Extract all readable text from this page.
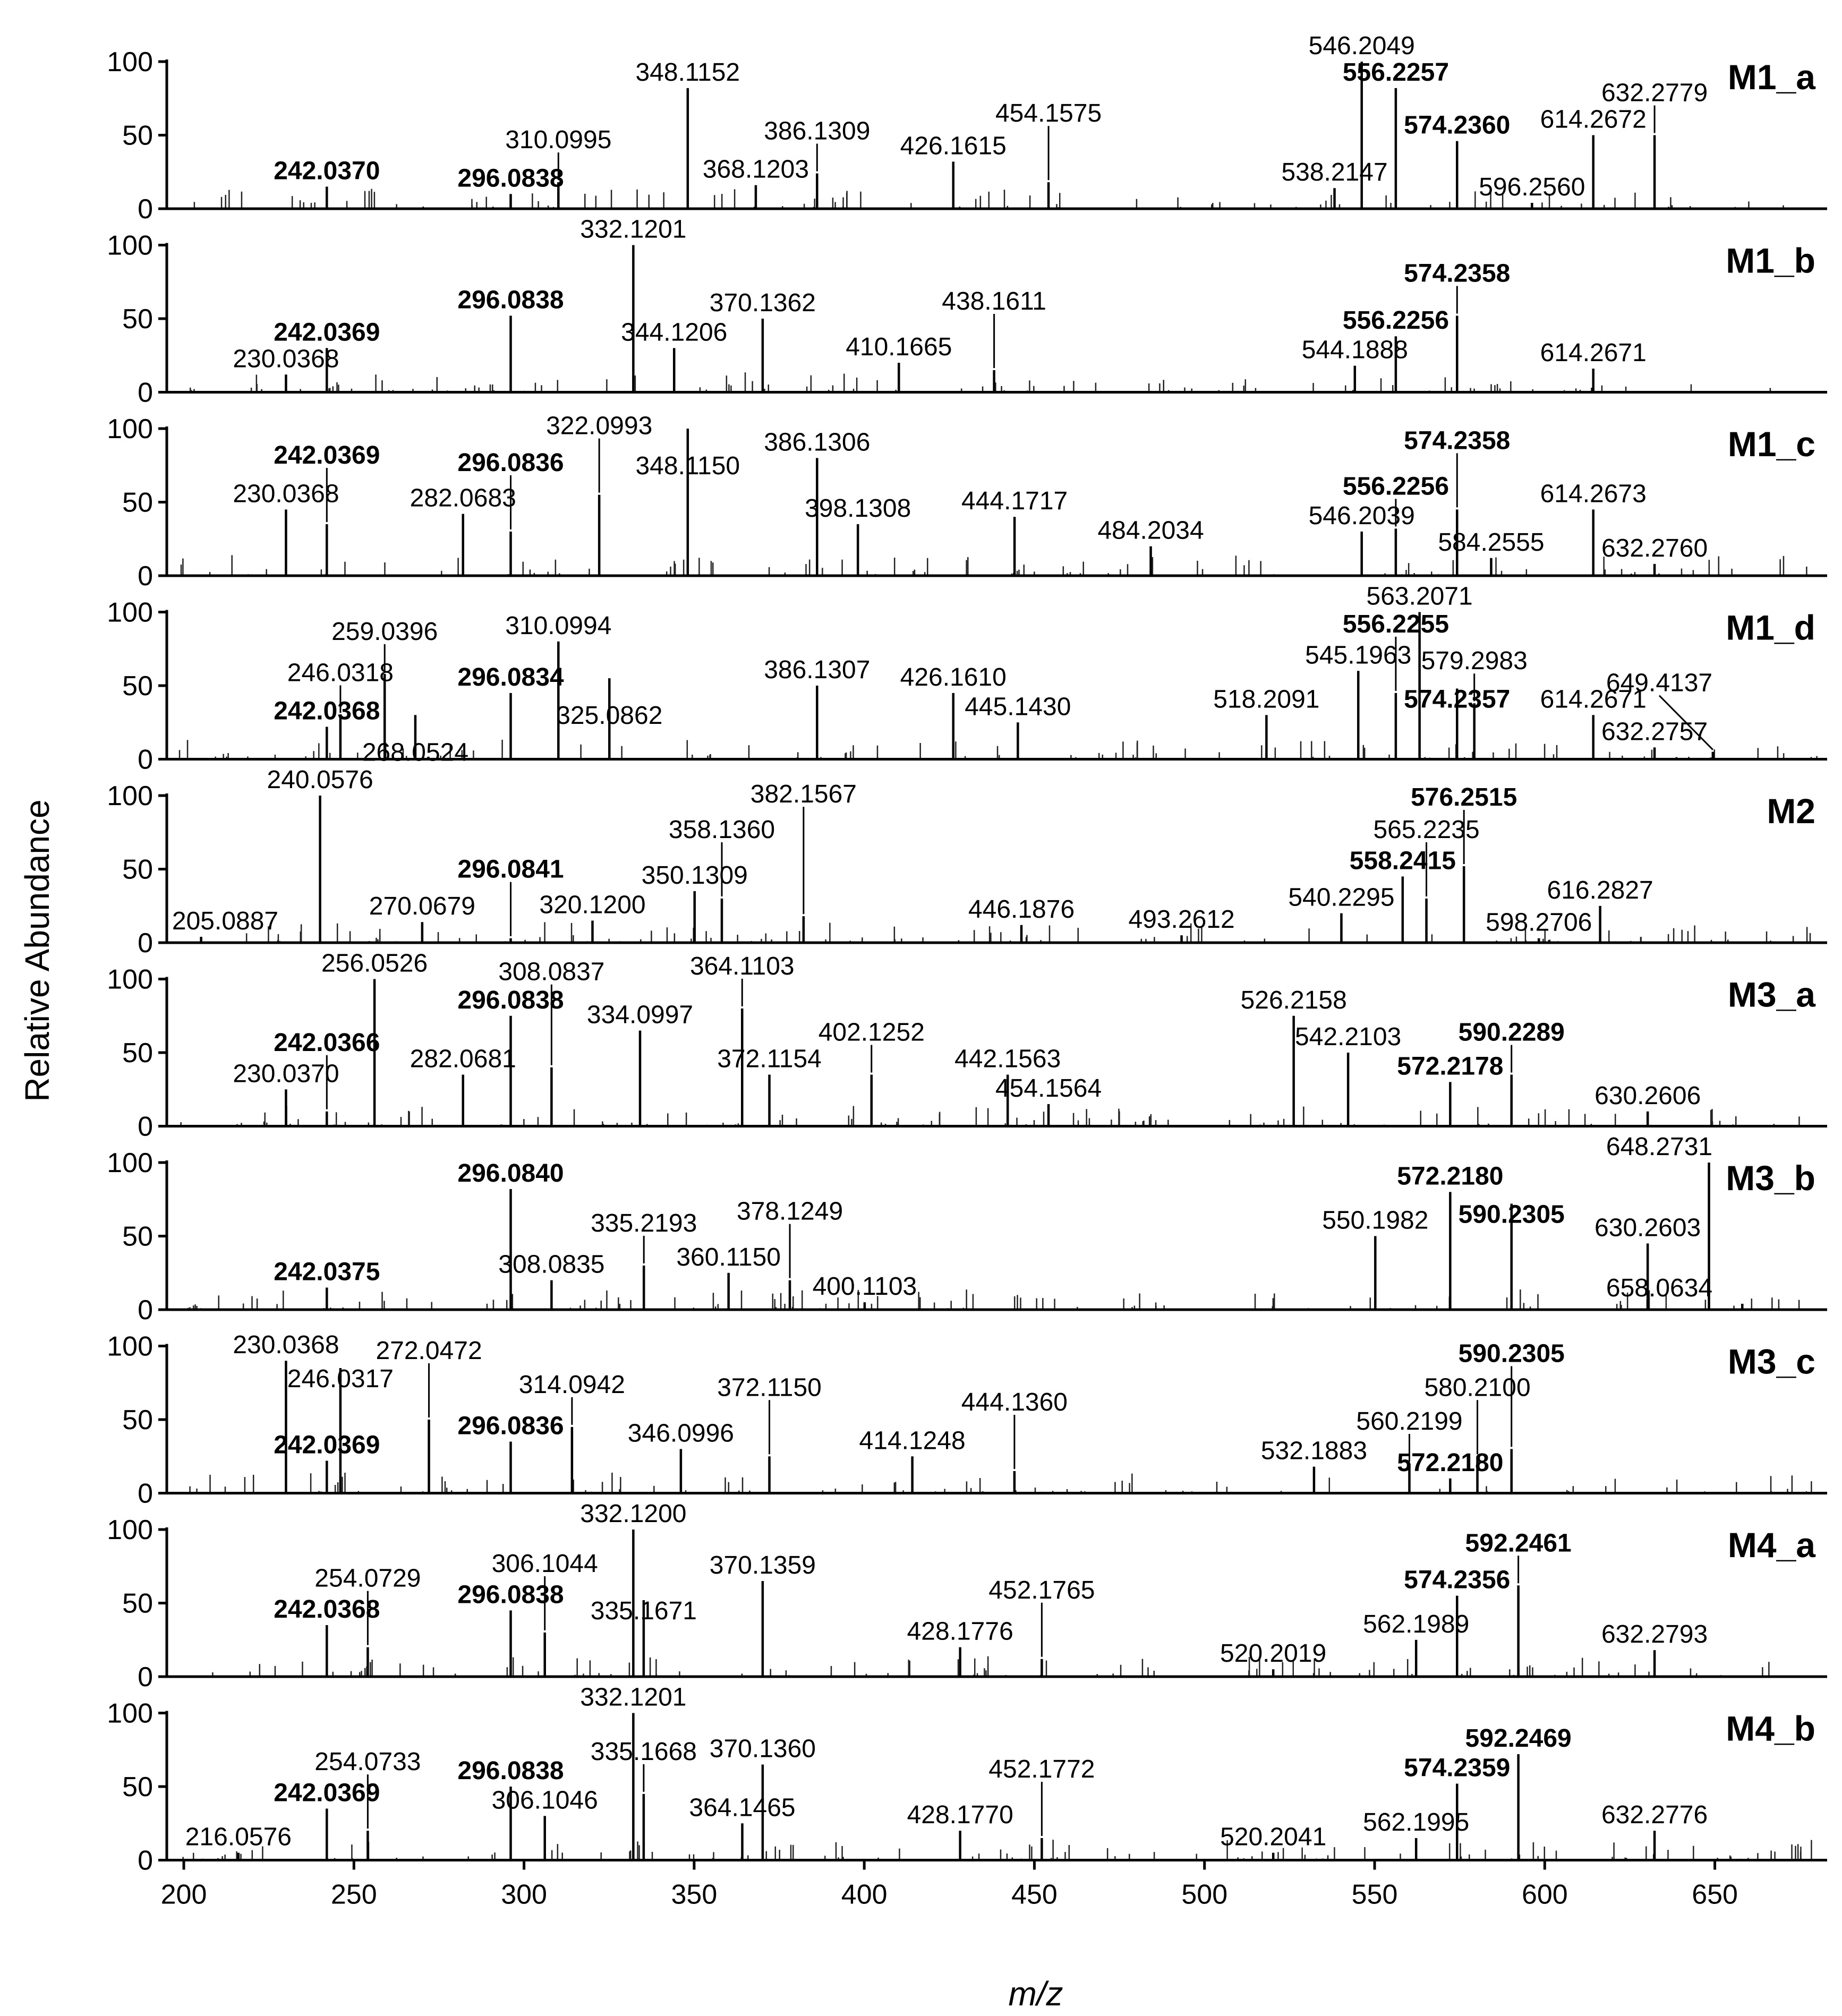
0
50
100	M1_a
242.0370	296.0838
310.0995
348.1152
368.1203
386.1309
426.1615
454.1575
538.2147
546.2049
556.2257
574.2360
596.2560
614.2672
632.2779
0
50
100	M1_b
230.0368
242.0369
296.0838
332.1201
344.1206
370.1362
410.1665
438.1611
544.1888
556.2256
574.2358
614.2671
0
50
100	M1_c
230.0368
242.0369
282.0683
296.0836
322.0993
348.1150
386.1306
398.1308 444.1717
484.2034
546.2039
556.2256
574.2358
584.2555
614.2673
632.2760
0
50
100	M1_d
242.0368
246.0318
259.0396
268.0524
296.0834
310.0994
325.0862
386.1307 426.1610
445.1430	518.2091
545.1963
556.2255
563.2071
574.2357
579.2983
614.2671
632.2757
649.4137
0
50
100	M2
205.0887
240.0576
270.0679
296.0841
320.1200
350.1309
358.1360
382.1567
446.1876 493.2612
540.2295
558.2415
565.2235
576.2515
598.2706
616.2827
0
50
100	M3_a
230.0370
242.0366
256.0526
282.0681
296.0838
308.0837
334.0997
364.1103
372.1154
402.1252
442.1563
454.1564
526.2158
542.2103
572.2178
590.2289
630.2606
0
50
100	M3_b
242.0375
296.0840
308.0835
335.2193
360.1150
378.1249
400.1103
550.1982
572.2180
590.2305 630.2603
648.2731
658.0634
0
50
100	M3_c
230.0368
242.0369
246.0317
272.0472
296.0836
314.0942
346.0996
372.1150
414.1248
444.1360
532.1883
560.2199
572.2180
580.2100
590.2305
0
50
100	M4_a
242.0368
254.0729
296.0838
306.1044
332.1200
335.1671
370.1359
428.1776
452.1765
520.2019
562.1989
574.2356
592.2461
632.2793
0
50
100	M4_b
216.0576
242.0369
254.0733 296.0838
306.1046
332.1201
335.1668
364.1465
370.1360
428.1770
452.1772
520.2041
562.1995
574.2359
592.2469
632.2776
200	250	300	350	400	450	500	550	600	650
Relative Abundance
m/z
